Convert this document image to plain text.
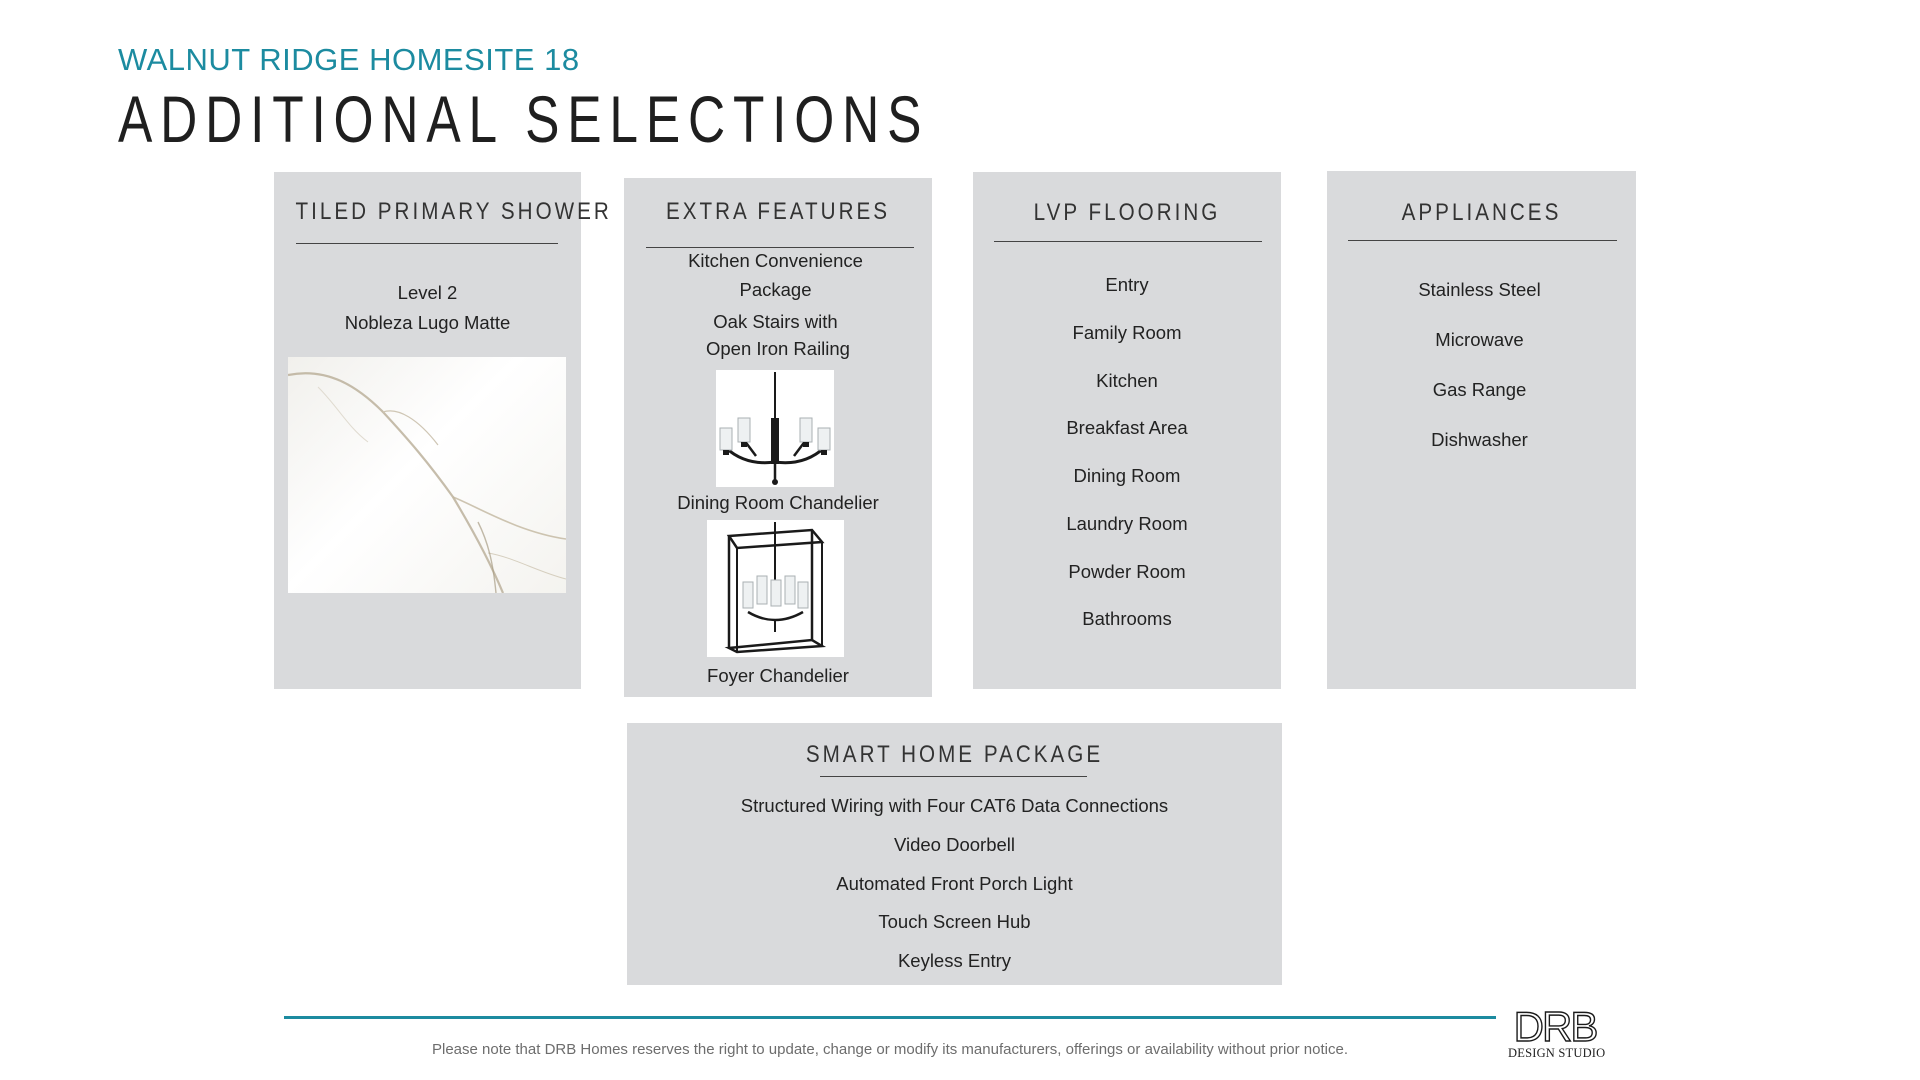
WALNUT RIDGE HOMESITE 18
ADDITIONAL SELECTIONS
TILED PRIMARY SHOWER
Level 2
Nobleza Lugo Matte
EXTRA FEATURES
Kitchen Convenience
Package
Oak Stairs with
Open Iron Railing
Dining Room Chandelier
Foyer Chandelier
LVP FLOORING
Entry
Family Room
Kitchen
Breakfast Area
Dining Room
Laundry Room
Powder Room
Bathrooms
APPLIANCES
Stainless Steel
Microwave
Gas Range
Dishwasher
SMART HOME PACKAGE
Structured Wiring with Four CAT6 Data Connections
Video Doorbell
Automated Front Porch Light
Touch Screen Hub
Keyless Entry
Please note that DRB Homes reserves the right to update, change or modify its manufacturers, offerings or availability without prior notice.	DRB
DESIGN STUDIO
